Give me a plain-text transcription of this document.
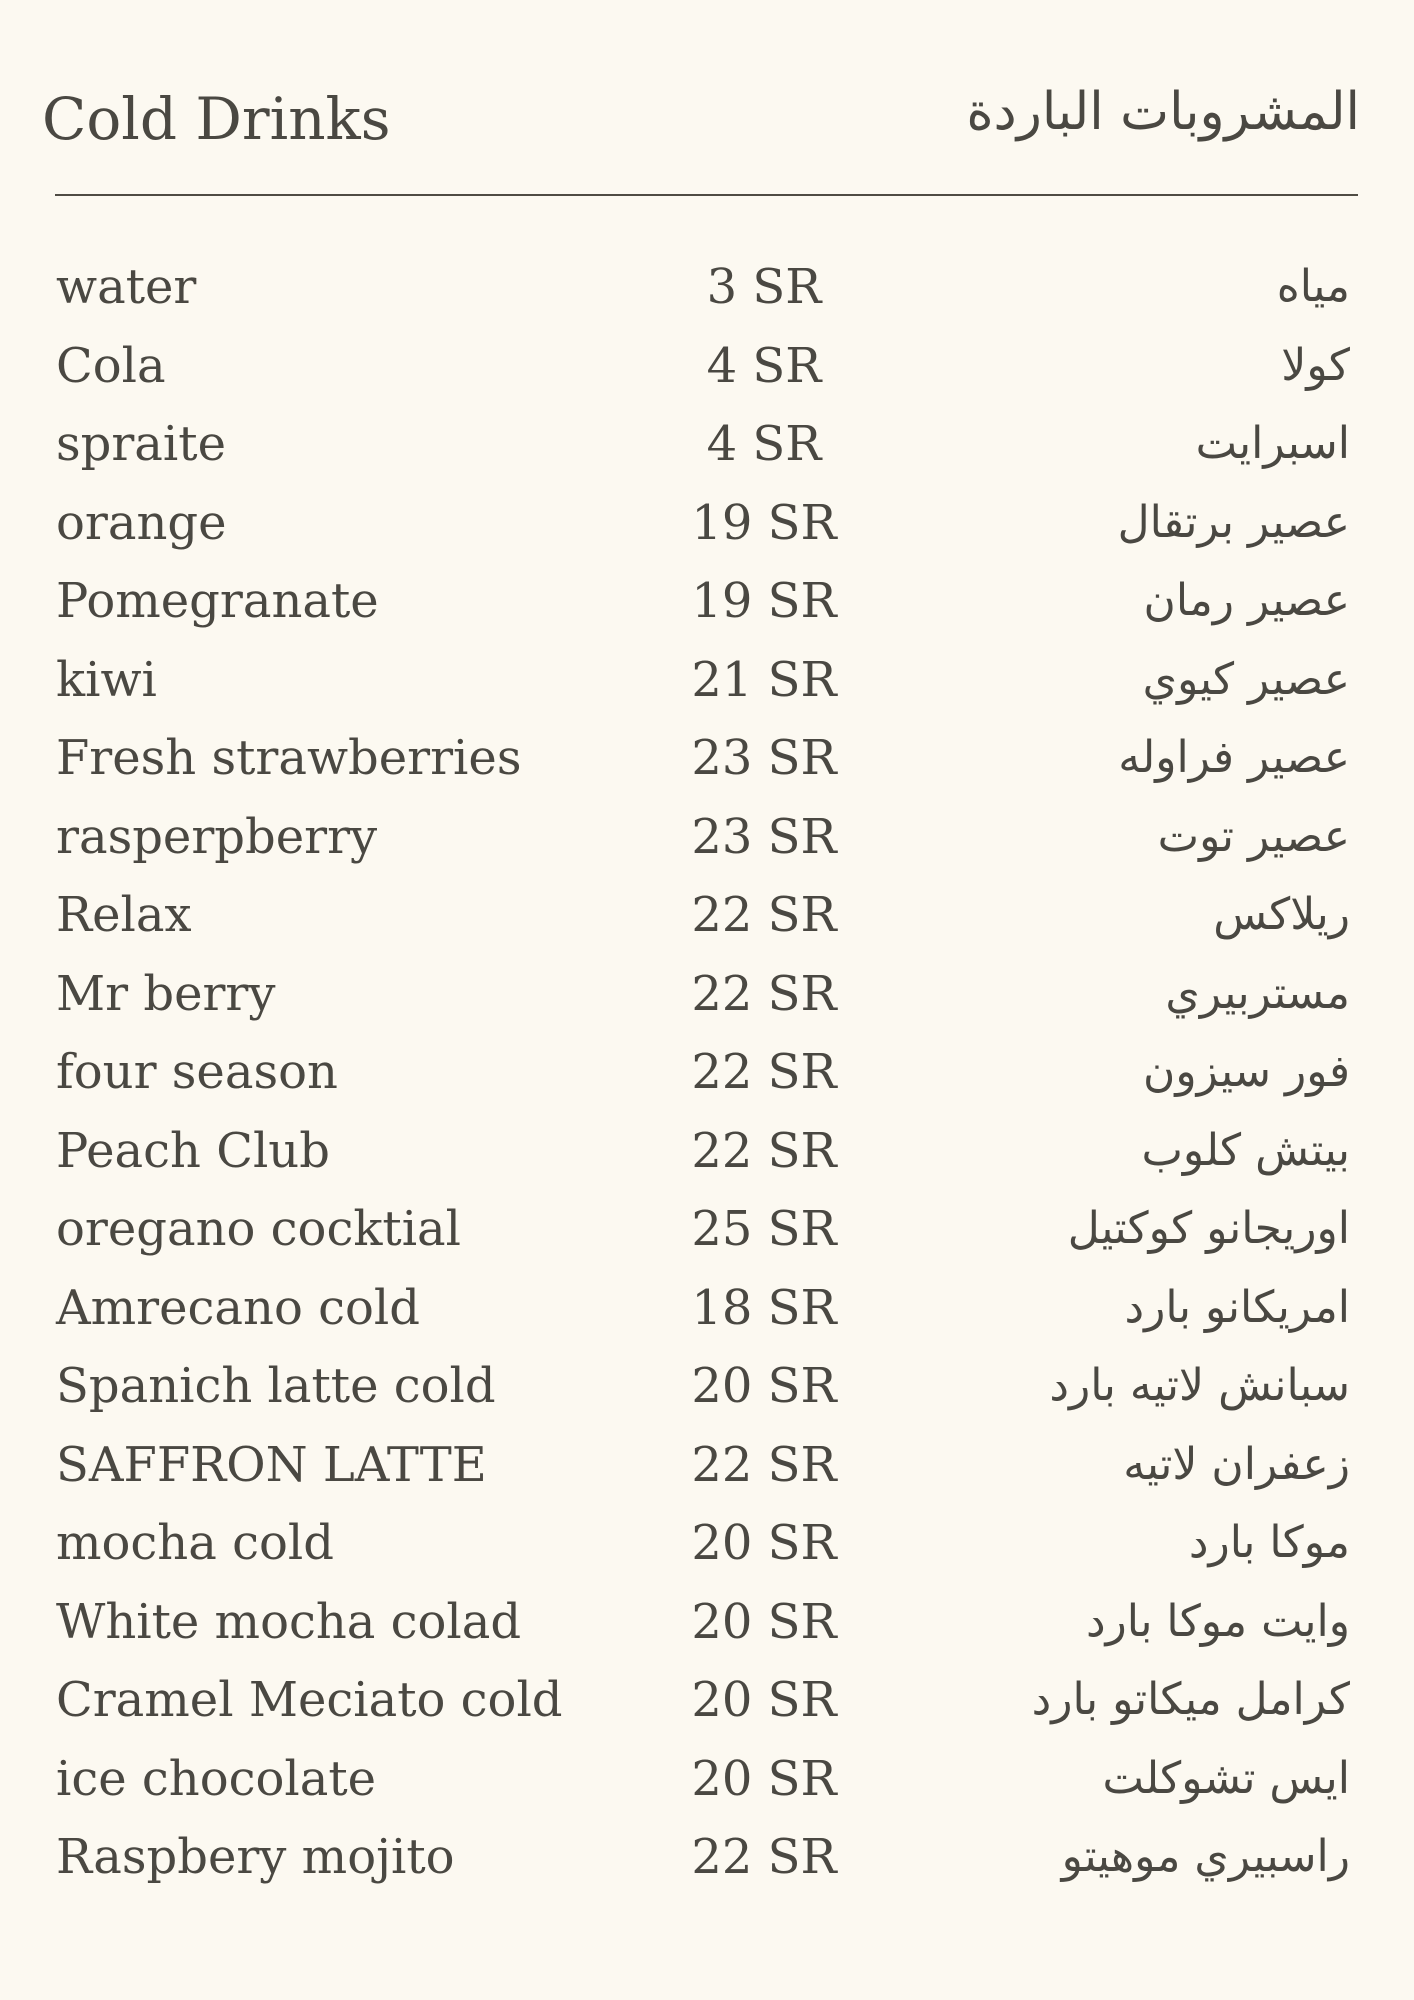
Cold Drinks	المشروبات الباردة
water	3 SR	مياه
Cola	4 SR	كولا
spraite	4 SR	اسبرايت
orange	19 SR	عصير برتقال
Pomegranate	19 SR	عصير رمان
kiwi	21 SR	عصير كيوي
Fresh strawberries	23 SR	عصير فراوله
rasperpberry	23 SR	عصير توت
Relax	22 SR	ريلاكس
Mr berry	22 SR	مستربيري
four season	22 SR	فور سيزون
Peach Club	22 SR	بيتش كلوب
oregano cocktial	25 SR	اوريجانو كوكتيل
Amrecano cold	18 SR	امريكانو بارد
Spanich latte cold	20 SR	سبانش لاتيه بارد
SAFFRON LATTE	22 SR	زعفران لاتيه
mocha cold	20 SR	موكا بارد
White mocha colad	20 SR	وايت موكا بارد
Cramel Meciato cold	20 SR	كرامل ميكاتو بارد
ice chocolate	20 SR	ايس تشوكلت
Raspbery mojito	22 SR	راسبيري موهيتو
